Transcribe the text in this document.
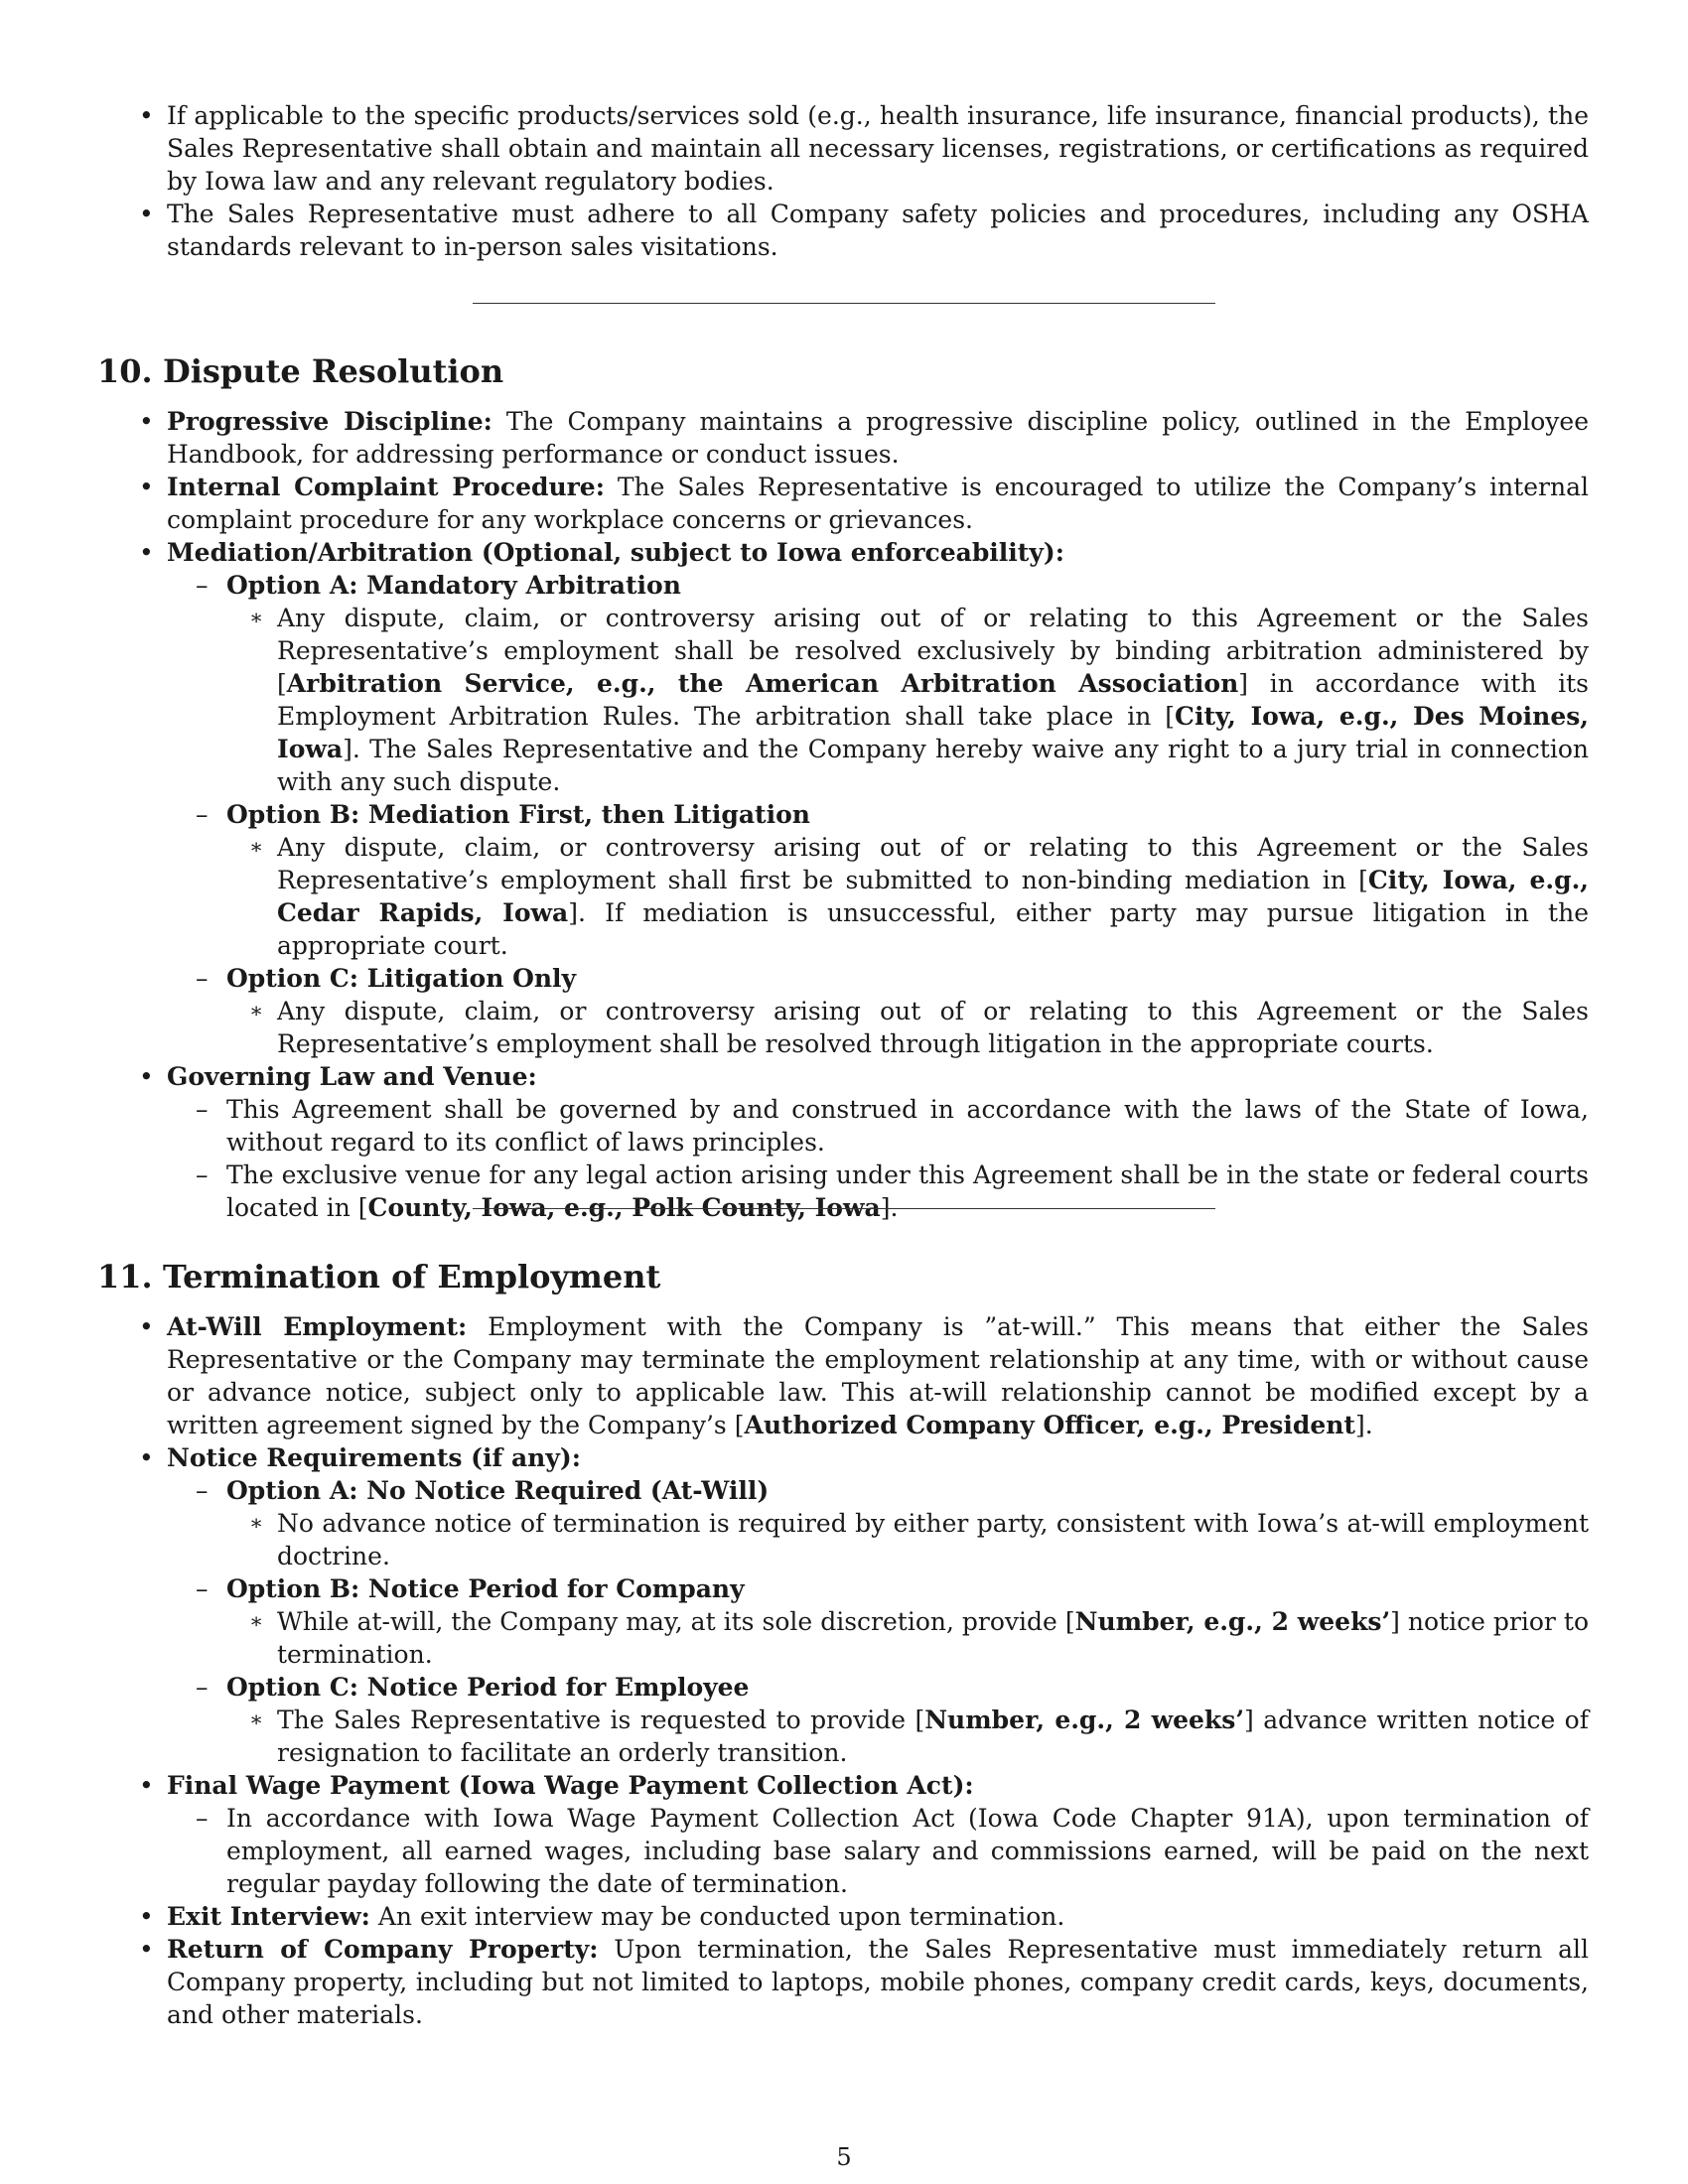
• If applicable to the specific products/services sold (e.g., health insurance, life insurance, financial products), the Sales Representative shall obtain and maintain all necessary licenses, registrations, or certifications as required by Iowa law and any relevant regulatory bodies.
• The Sales Representative must adhere to all Company safety policies and procedures, including any OSHA standards relevant to in-person sales visitations.
10. Dispute Resolution
• Progressive Discipline: The Company maintains a progressive discipline policy, outlined in the Employee Handbook, for addressing performance or conduct issues.
• Internal Complaint Procedure: The Sales Representative is encouraged to utilize the Company’s internal complaint procedure for any workplace concerns or grievances.
• Mediation/Arbitration (Optional, subject to Iowa enforceability):
– Option A: Mandatory Arbitration
∗ Any dispute, claim, or controversy arising out of or relating to this Agreement or the Sales Representative’s employment shall be resolved exclusively by binding arbitration administered by [Arbitration Service, e.g., the American Arbitration Association] in accordance with its Employment Arbitration Rules. The arbitration shall take place in [City, Iowa, e.g., Des Moines, Iowa]. The Sales Representative and the Company hereby waive any right to a jury trial in connection with any such dispute.
– Option B: Mediation First, then Litigation
∗ Any dispute, claim, or controversy arising out of or relating to this Agreement or the Sales Representative’s employment shall first be submitted to non-binding mediation in [City, Iowa, e.g., Cedar Rapids, Iowa]. If mediation is unsuccessful, either party may pursue litigation in the appropriate court.
– Option C: Litigation Only
∗ Any dispute, claim, or controversy arising out of or relating to this Agreement or the Sales Representative’s employment shall be resolved through litigation in the appropriate courts.
• Governing Law and Venue:
– This Agreement shall be governed by and construed in accordance with the laws of the State of Iowa, without regard to its conflict of laws principles.
– The exclusive venue for any legal action arising under this Agreement shall be in the state or federal courts located in [County, Iowa, e.g., Polk County, Iowa].
11. Termination of Employment
• At-Will Employment: Employment with the Company is ”at-will.” This means that either the Sales Representative or the Company may terminate the employment relationship at any time, with or without cause or advance notice, subject only to applicable law. This at-will relationship cannot be modified except by a written agreement signed by the Company’s [Authorized Company Officer, e.g., President].
• Notice Requirements (if any):
– Option A: No Notice Required (At-Will)
∗ No advance notice of termination is required by either party, consistent with Iowa’s at-will employment doctrine.
– Option B: Notice Period for Company
∗ While at-will, the Company may, at its sole discretion, provide [Number, e.g., 2 weeks’] notice prior to termination.
– Option C: Notice Period for Employee
∗ The Sales Representative is requested to provide [Number, e.g., 2 weeks’] advance written notice of resignation to facilitate an orderly transition.
• Final Wage Payment (Iowa Wage Payment Collection Act):
– In accordance with Iowa Wage Payment Collection Act (Iowa Code Chapter 91A), upon termination of employment, all earned wages, including base salary and commissions earned, will be paid on the next regular payday following the date of termination.
• Exit Interview: An exit interview may be conducted upon termination.
• Return of Company Property: Upon termination, the Sales Representative must immediately return all Company property, including but not limited to laptops, mobile phones, company credit cards, keys, documents, and other materials.
5
